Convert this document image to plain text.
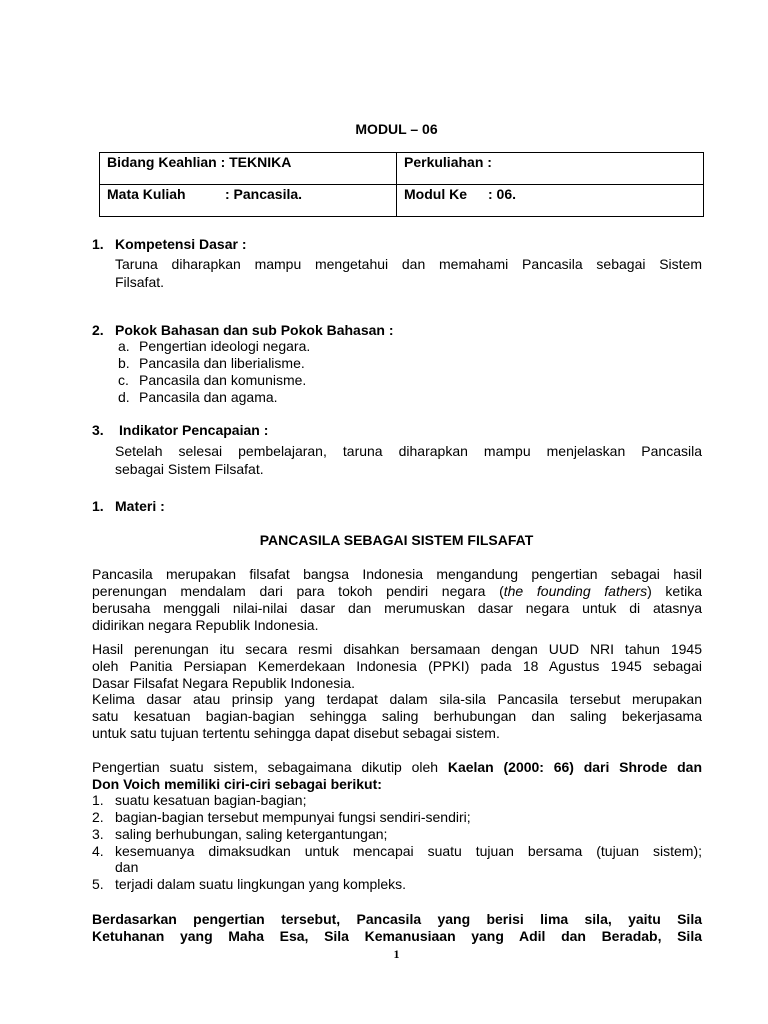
MODUL – 06
Bidang Keahlian : TEKNIKA	Perkuliahan :
Mata Kuliah : Pancasila.	Modul Ke : 06.
1. Kompetensi Dasar :
Taruna diharapkan mampu mengetahui dan memahami Pancasila sebagai Sistem
Filsafat.
2. Pokok Bahasan dan sub Pokok Bahasan :
a. Pengertian ideologi negara.
b. Pancasila dan liberialisme.
c. Pancasila dan komunisme.
d. Pancasila dan agama.
3. Indikator Pencapaian :
Setelah selesai pembelajaran, taruna diharapkan mampu menjelaskan Pancasila
sebagai Sistem Filsafat.
1. Materi :
PANCASILA SEBAGAI SISTEM FILSAFAT
Pancasila merupakan filsafat bangsa Indonesia mengandung pengertian sebagai hasil
perenungan mendalam dari para tokoh pendiri negara (the founding fathers) ketika
berusaha menggali nilai-nilai dasar dan merumuskan dasar negara untuk di atasnya
didirikan negara Republik Indonesia.
Hasil perenungan itu secara resmi disahkan bersamaan dengan UUD NRI tahun 1945
oleh Panitia Persiapan Kemerdekaan Indonesia (PPKI) pada 18 Agustus 1945 sebagai
Dasar Filsafat Negara Republik Indonesia.
Kelima dasar atau prinsip yang terdapat dalam sila-sila Pancasila tersebut merupakan
satu kesatuan bagian-bagian sehingga saling berhubungan dan saling bekerjasama
untuk satu tujuan tertentu sehingga dapat disebut sebagai sistem.
Pengertian suatu sistem, sebagaimana dikutip oleh Kaelan (2000: 66) dari Shrode dan
Don Voich memiliki ciri-ciri sebagai berikut:
1. suatu kesatuan bagian-bagian;
2. bagian-bagian tersebut mempunyai fungsi sendiri-sendiri;
3. saling berhubungan, saling ketergantungan;
4. kesemuanya dimaksudkan untuk mencapai suatu tujuan bersama (tujuan sistem);
dan
5. terjadi dalam suatu lingkungan yang kompleks.
Berdasarkan pengertian tersebut, Pancasila yang berisi lima sila, yaitu Sila
Ketuhanan yang Maha Esa, Sila Kemanusiaan yang Adil dan Beradab, Sila
1
